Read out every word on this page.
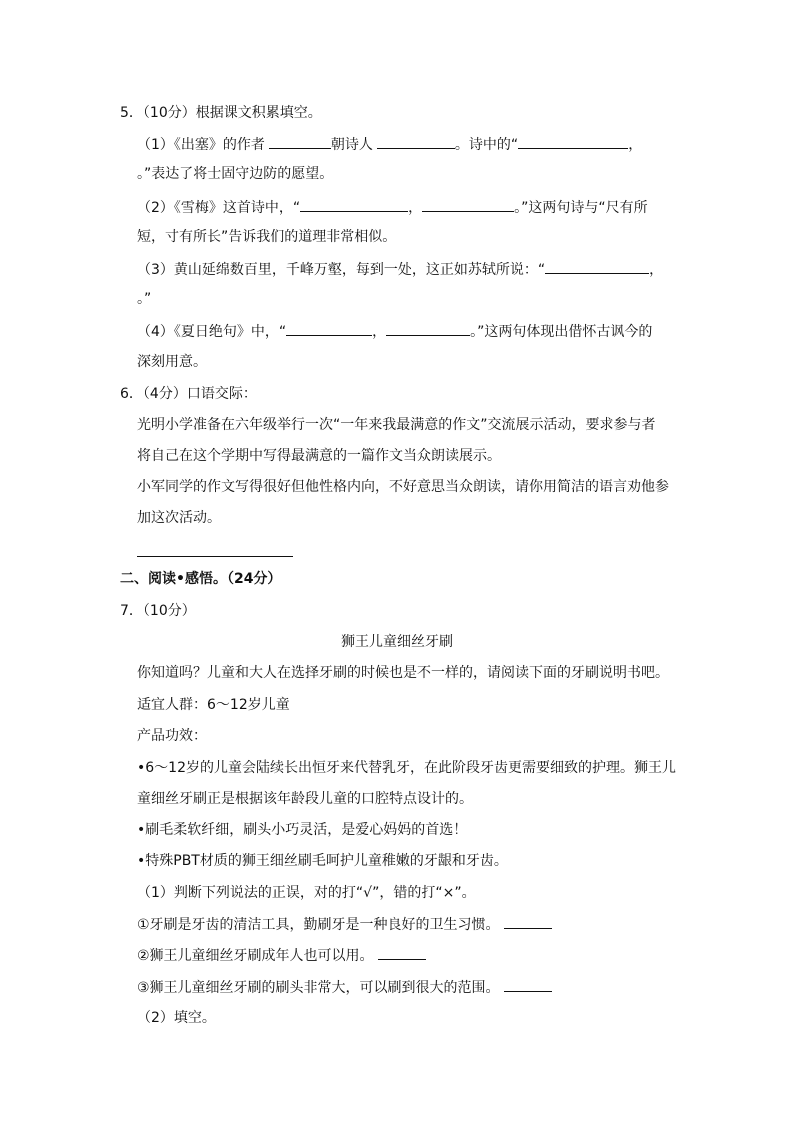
5．（10分）根据课文积累填空。
（1）《出塞》的作者	朝诗人	。诗中的“	，
。”表达了将士固守边防的愿望。
（2）《雪梅》这首诗中，“	，	。”这两句诗与“尺有所
短，寸有所长”告诉我们的道理非常相似。
（3）黄山延绵数百里，千峰万壑，每到一处，这正如苏轼所说：“	，
。”
（4）《夏日绝句》中，“	，	。”这两句体现出借怀古讽今的
深刻用意。
6．（4分）口语交际：
光明小学准备在六年级举行一次“一年来我最满意的作文”交流展示活动，要求参与者
将自己在这个学期中写得最满意的一篇作文当众朗读展示。
小军同学的作文写得很好但他性格内向，不好意思当众朗读，请你用简洁的语言劝他参
加这次活动。
二、阅读•感悟。（24分）
7．（10分）
狮王儿童细丝牙刷
你知道吗？儿童和大人在选择牙刷的时候也是不一样的，请阅读下面的牙刷说明书吧。
适宜人群：6～12岁儿童
产品功效：
•6～12岁的儿童会陆续长出恒牙来代替乳牙，在此阶段牙齿更需要细致的护理。狮王儿
童细丝牙刷正是根据该年龄段儿童的口腔特点设计的。
•刷毛柔软纤细，刷头小巧灵活，是爱心妈妈的首选！
•特殊PBT材质的狮王细丝刷毛呵护儿童稚嫩的牙龈和牙齿。
（1）判断下列说法的正误，对的打“√”，错的打“×”。
①牙刷是牙齿的清洁工具，勤刷牙是一种良好的卫生习惯。
②狮王儿童细丝牙刷成年人也可以用。
③狮王儿童细丝牙刷的刷头非常大，可以刷到很大的范围。
（2）填空。
